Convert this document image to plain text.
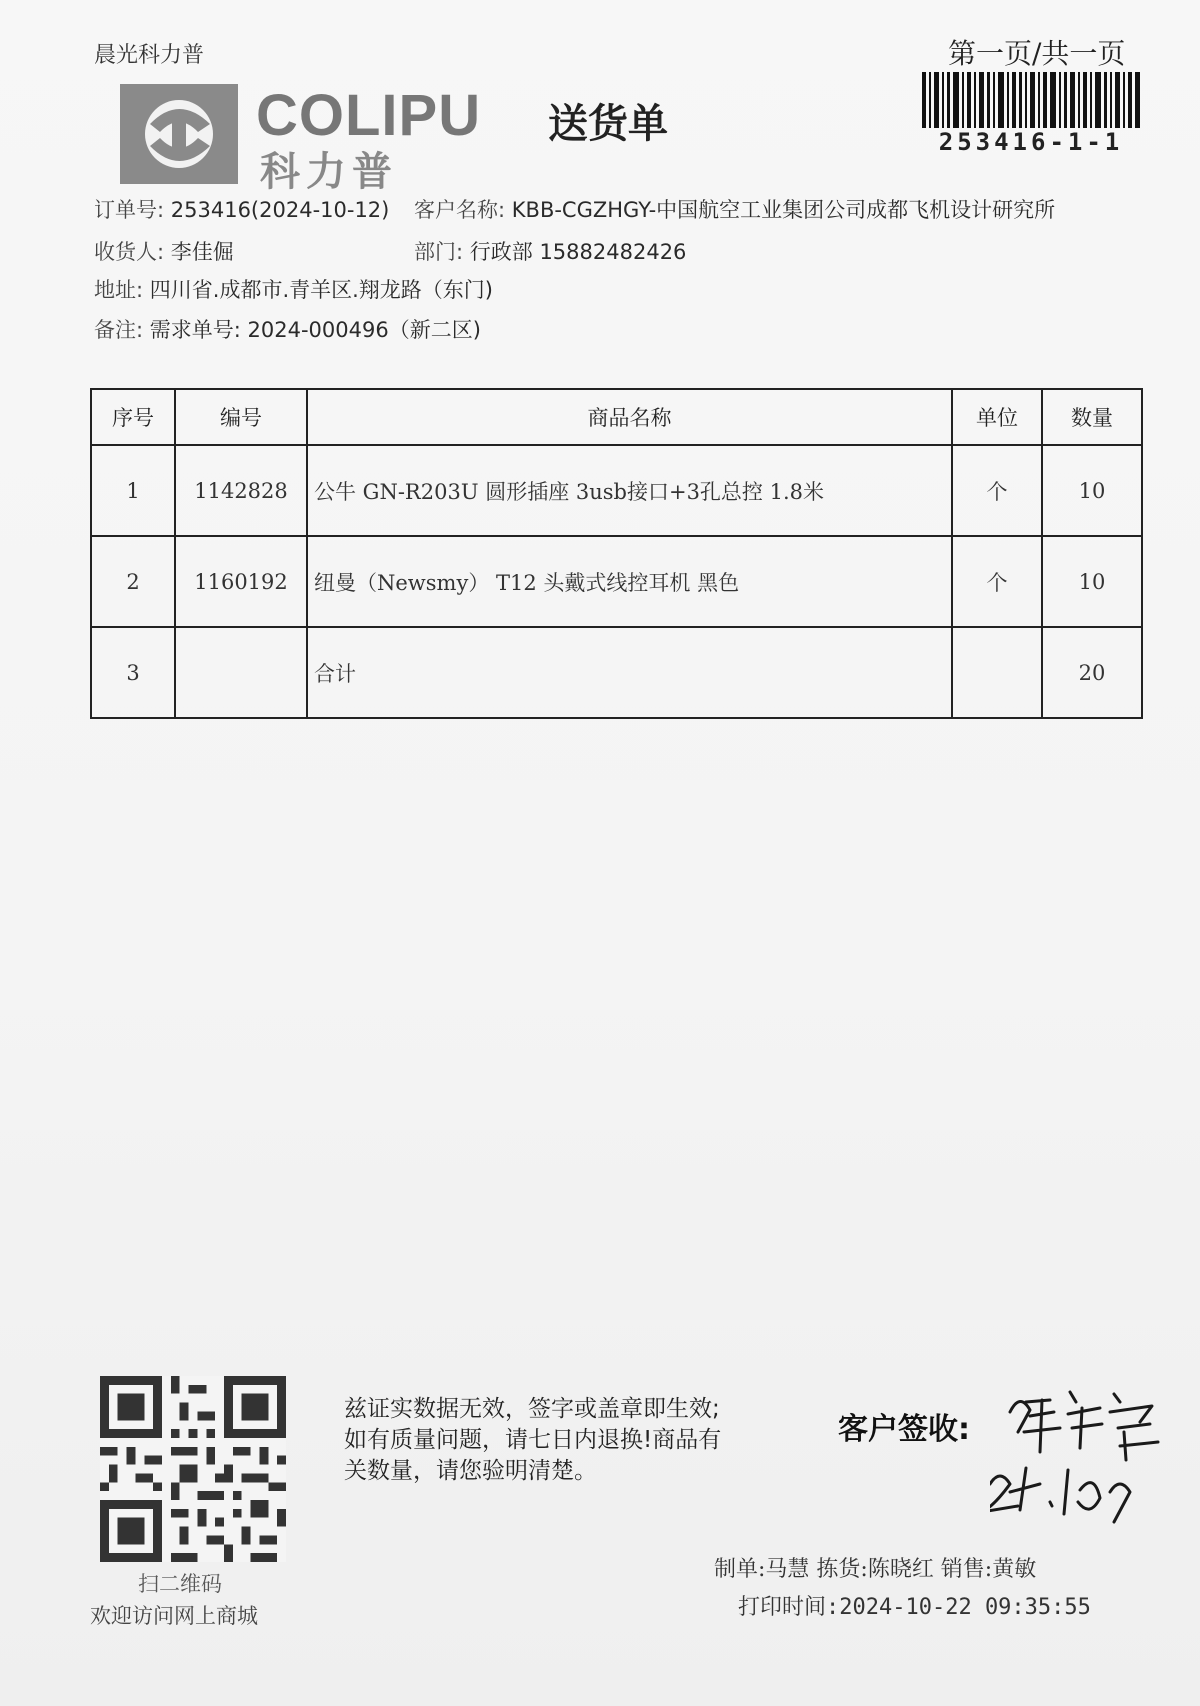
晨光科力普	第一页/共一页
253416-1-1
COLIPU
科力普
送货单
订单号: 253416(2024-10-12) 客户名称: KBB-CGZHGY-中国航空工业集团公司成都飞机设计研究所
收货人: 李佳倔	部门: 行政部 15882482426
地址: 四川省.成都市.青羊区.翔龙路（东门)
备注: 需求单号: 2024-000496（新二区)
序号	编号	商品名称	单位	数量
1	1142828	公牛 GN-R203U 圆形插座 3usb接口+3孔总控 1.8米	个	10
2	1160192	纽曼（Newsmy） T12 头戴式线控耳机 黑色	个	10
3		合计		20
扫二维码
欢迎访问网上商城
兹证实数据无效，签字或盖章即生效;
如有质量问题，请七日内退换!商品有
关数量，请您验明清楚。
客户签收:
制单:马慧 拣货:陈晓红 销售:黄敏
打印时间:2024-10-22 09:35:55
